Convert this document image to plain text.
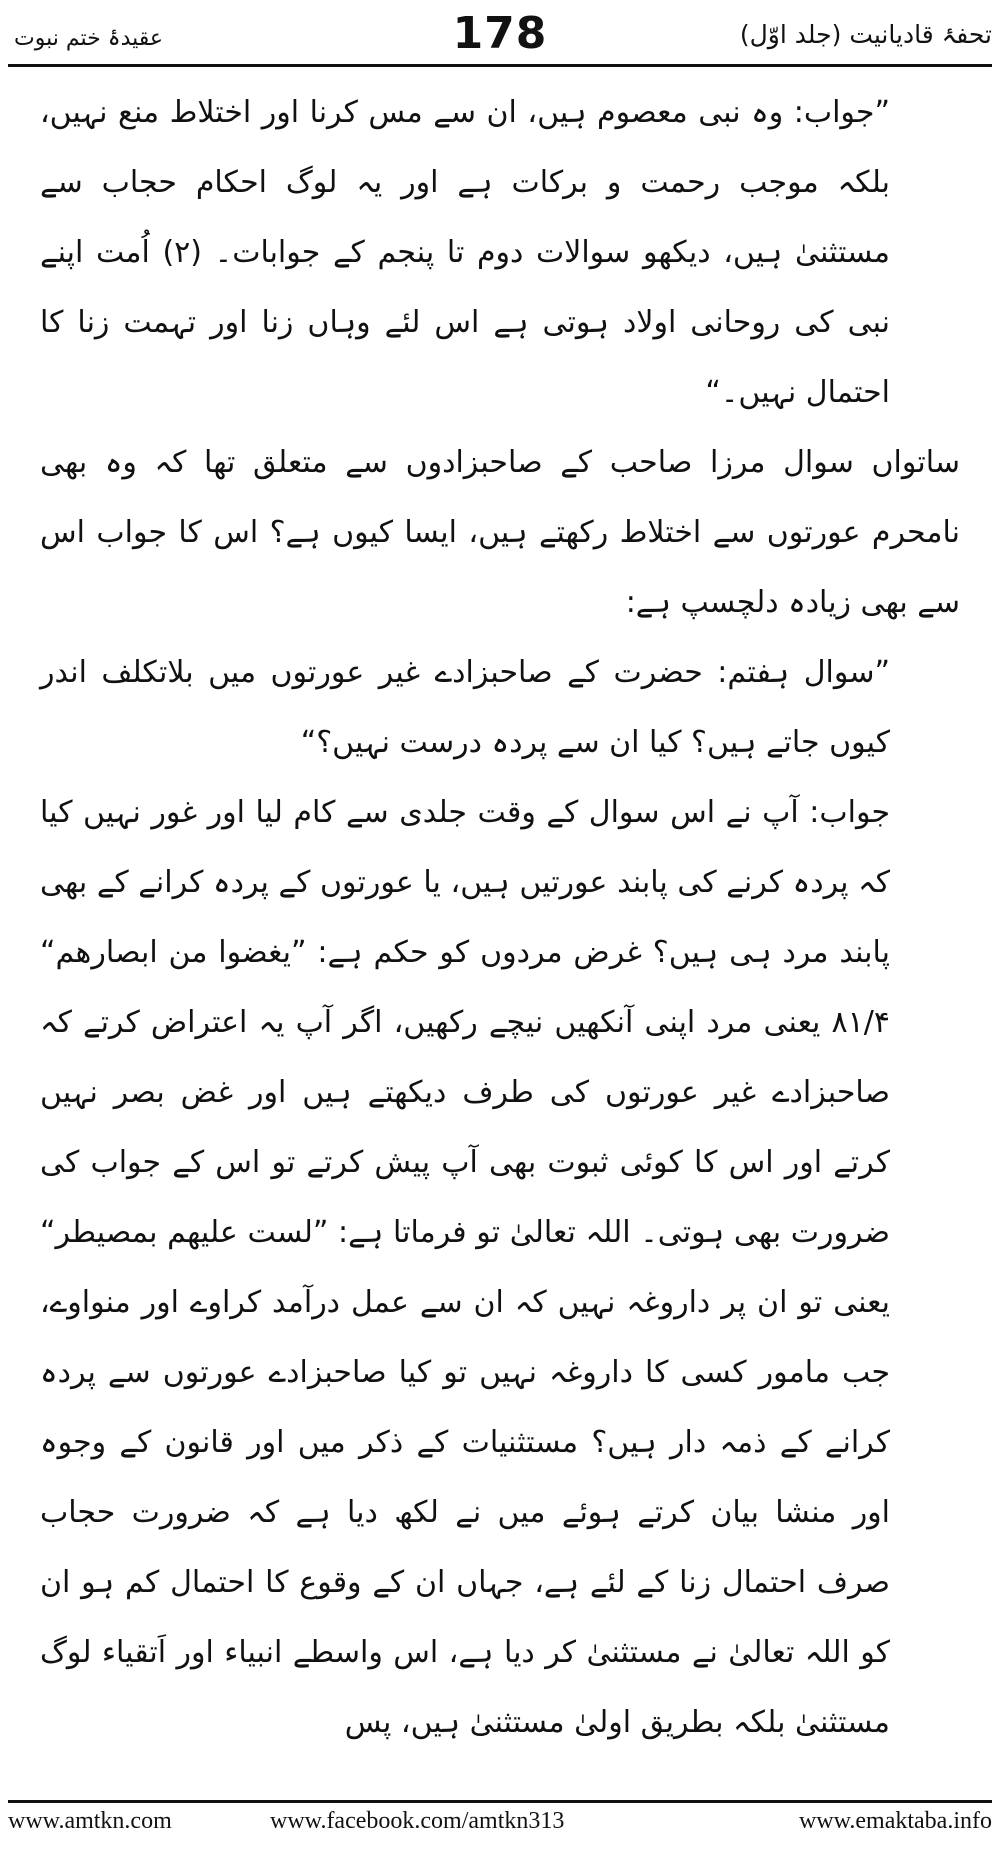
تحفۂ قادیانیت (جلد اوّل)
178
عقیدۂ ختم نبوت

”جواب: وہ نبی معصوم ہیں، ان سے مس کرنا اور اختلاط منع نہیں، بلکہ موجب رحمت و برکات ہے اور یہ لوگ احکام حجاب سے مستثنیٰ ہیں، دیکھو سوالات دوم تا پنجم کے جوابات۔ (۲) اُمت اپنے نبی کی روحانی اولاد ہوتی ہے اس لئے وہاں زنا اور تہمت زنا کا احتمال نہیں۔“

ساتواں سوال مرزا صاحب کے صاحبزادوں سے متعلق تھا کہ وہ بھی نامحرم عورتوں سے اختلاط رکھتے ہیں، ایسا کیوں ہے؟ اس کا جواب اس سے بھی زیادہ دلچسپ ہے:

”سوال ہفتم: حضرت کے صاحبزادے غیر عورتوں میں بلاتکلف اندر کیوں جاتے ہیں؟ کیا ان سے پردہ درست نہیں؟“

جواب: آپ نے اس سوال کے وقت جلدی سے کام لیا اور غور نہیں کیا کہ پردہ کرنے کی پابند عورتیں ہیں، یا عورتوں کے پردہ کرانے کے بھی پابند مرد ہی ہیں؟ غرض مردوں کو حکم ہے: ”یغضوا من ابصارھم“ ۸۱/۴ یعنی مرد اپنی آنکھیں نیچے رکھیں، اگر آپ یہ اعتراض کرتے کہ صاحبزادے غیر عورتوں کی طرف دیکھتے ہیں اور غض بصر نہیں کرتے اور اس کا کوئی ثبوت بھی آپ پیش کرتے تو اس کے جواب کی ضرورت بھی ہوتی۔ اللہ تعالیٰ تو فرماتا ہے: ”لست علیھم بمصیطر“ یعنی تو ان پر داروغہ نہیں کہ ان سے عمل درآمد کراوے اور منواوے، جب مامور کسی کا داروغہ نہیں تو کیا صاحبزادے عورتوں سے پردہ کرانے کے ذمہ دار ہیں؟ مستثنیات کے ذکر میں اور قانون کے وجوہ اور منشا بیان کرتے ہوئے میں نے لکھ دیا ہے کہ ضرورت حجاب صرف احتمال زنا کے لئے ہے، جہاں ان کے وقوع کا احتمال کم ہو ان کو اللہ تعالیٰ نے مستثنیٰ کر دیا ہے، اس واسطے انبیاء اور اَتقیاء لوگ مستثنیٰ بلکہ بطریق اولیٰ مستثنیٰ ہیں، پس

www.amtkn.com	www.facebook.com/amtkn313	www.emaktaba.info
